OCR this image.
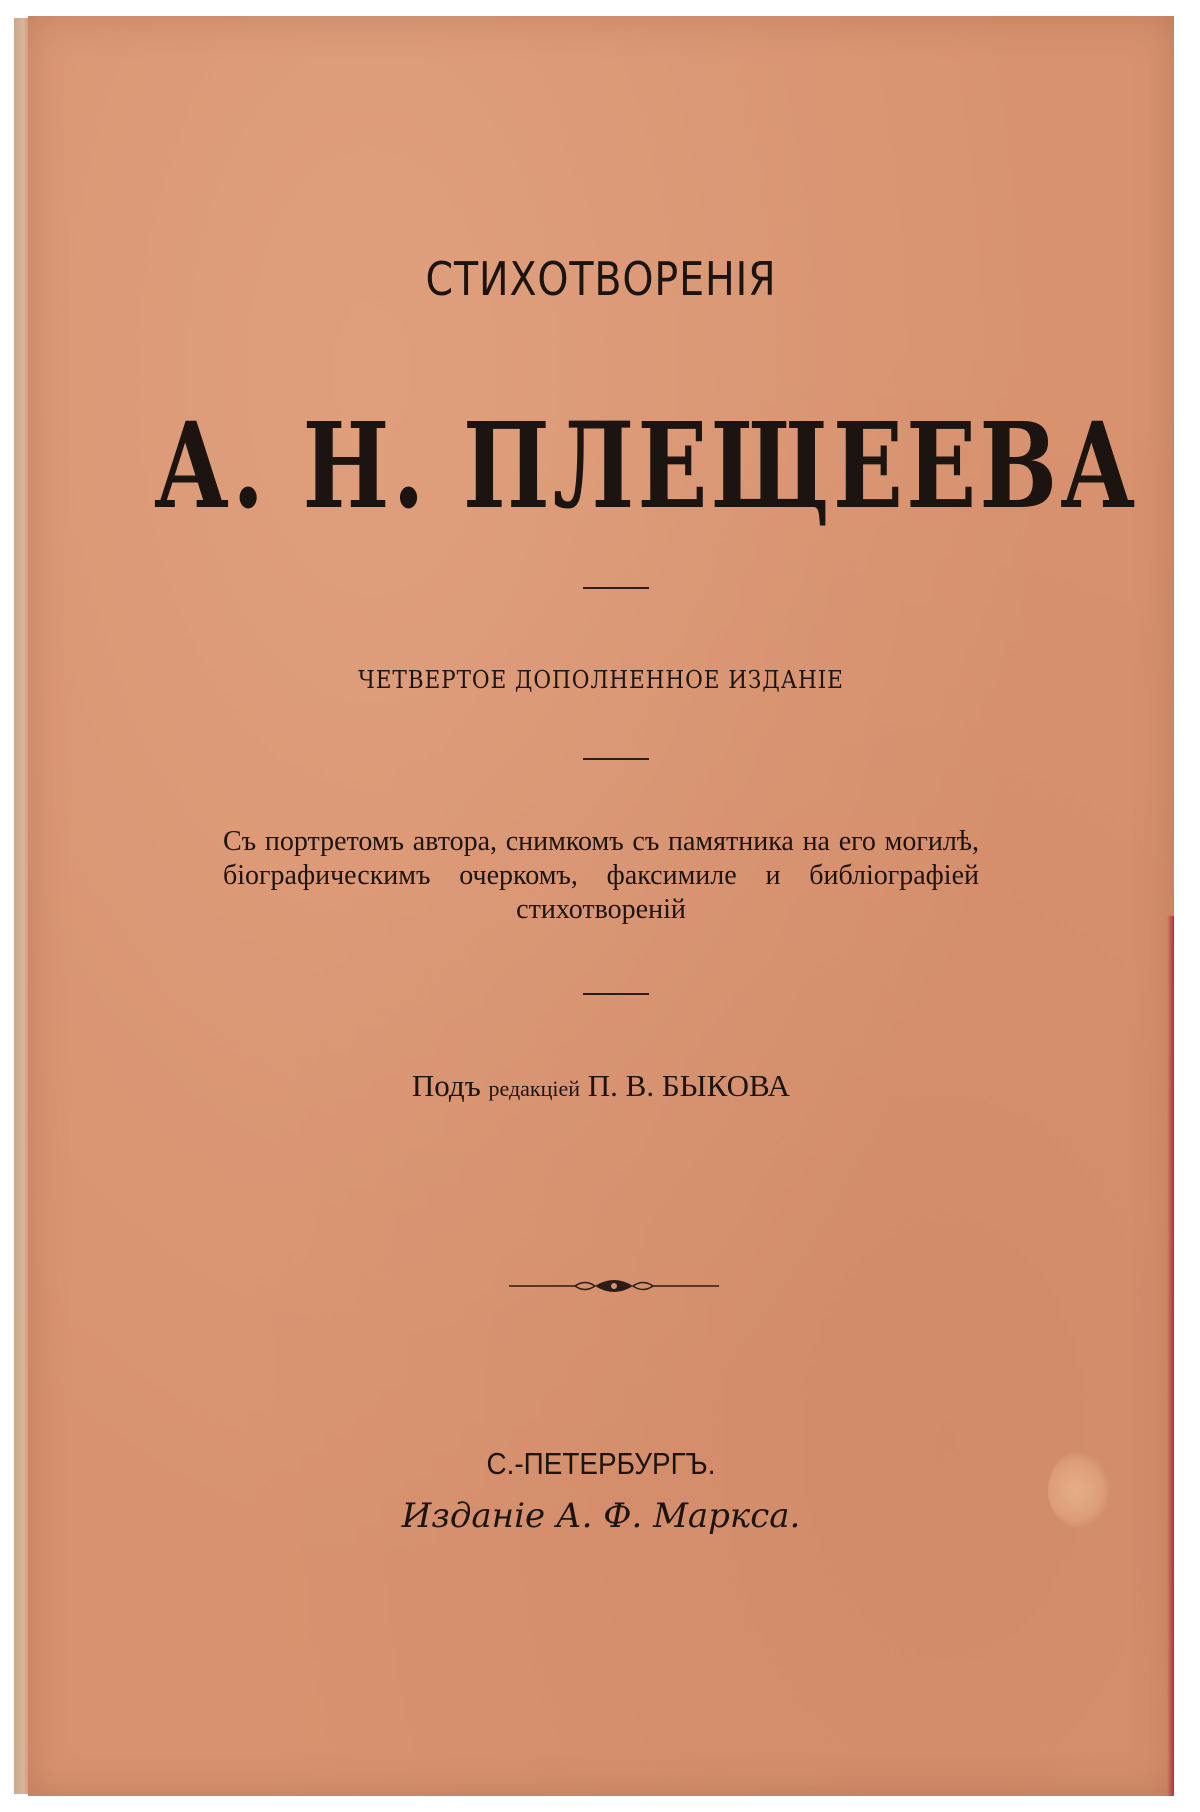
СТИХОТВОРЕНІЯ
А. Н. ПЛЕЩЕЕВА
ЧЕТВЕРТОЕ ДОПОЛНЕННОЕ ИЗДАНІЕ
Съ портретомъ автора, снимкомъ съ памятника на его могилѣ, біографическимъ очеркомъ, факсимиле и библіографіей стихотвореній
Подъ редакціей П. В. БЫКОВА
С.-ПЕТЕРБУРГЪ.
Изданіе А. Ф. Маркса.
